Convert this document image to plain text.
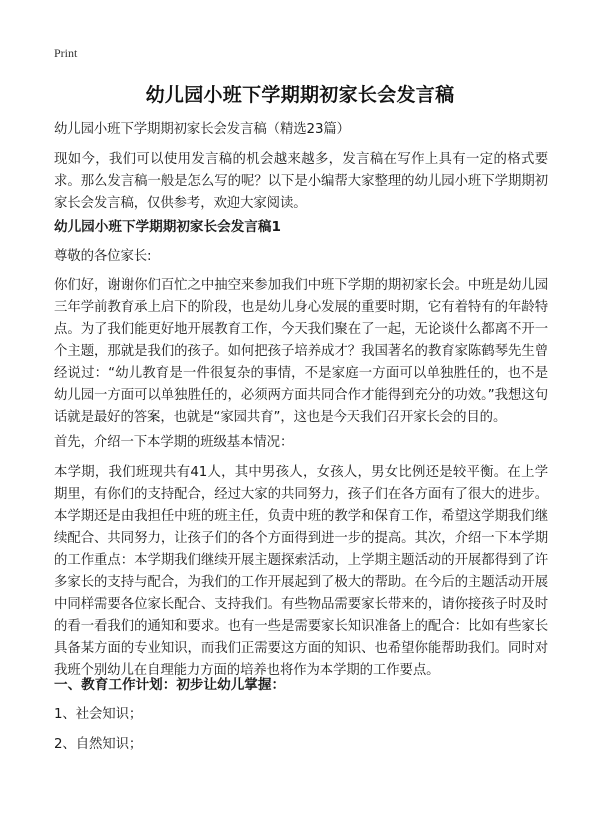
Print
幼儿园小班下学期期初家长会发言稿

幼儿园小班下学期期初家长会发言稿（精选23篇）

现如今，我们可以使用发言稿的机会越来越多，发言稿在写作上具有一定的格式要求。那么发言稿一般是怎么写的呢？以下是小编帮大家整理的幼儿园小班下学期期初家长会发言稿，仅供参考，欢迎大家阅读。

幼儿园小班下学期期初家长会发言稿1

尊敬的各位家长:

你们好，谢谢你们百忙之中抽空来参加我们中班下学期的期初家长会。中班是幼儿园三年学前教育承上启下的阶段，也是幼儿身心发展的重要时期，它有着特有的年龄特点。为了我们能更好地开展教育工作，今天我们聚在了一起，无论谈什么都离不开一个主题，那就是我们的孩子。如何把孩子培养成才？我国著名的教育家陈鹤琴先生曾经说过：“幼儿教育是一件很复杂的事情，不是家庭一方面可以单独胜任的，也不是幼儿园一方面可以单独胜任的，必须两方面共同合作才能得到充分的功效。”我想这句话就是最好的答案，也就是“家园共育”，这也是今天我们召开家长会的目的。

首先，介绍一下本学期的班级基本情况：

本学期，我们班现共有41人，其中男孩人，女孩人，男女比例还是较平衡。在上学期里，有你们的支持配合，经过大家的共同努力，孩子们在各方面有了很大的进步。本学期还是由我担任中班的班主任，负责中班的教学和保育工作，希望这学期我们继续配合、共同努力，让孩子们的各个方面得到进一步的提高。其次，介绍一下本学期的工作重点：本学期我们继续开展主题探索活动，上学期主题活动的开展都得到了许多家长的支持与配合，为我们的工作开展起到了极大的帮助。在今后的主题活动开展中同样需要各位家长配合、支持我们。有些物品需要家长带来的，请你接孩子时及时的看一看我们的通知和要求。也有一些是需要家长知识准备上的配合：比如有些家长具备某方面的专业知识，而我们正需要这方面的知识、也希望你能帮助我们。同时对我班个别幼儿在自理能力方面的培养也将作为本学期的工作要点。

一、教育工作计划：初步让幼儿掌握：

1、社会知识；

2、自然知识；
